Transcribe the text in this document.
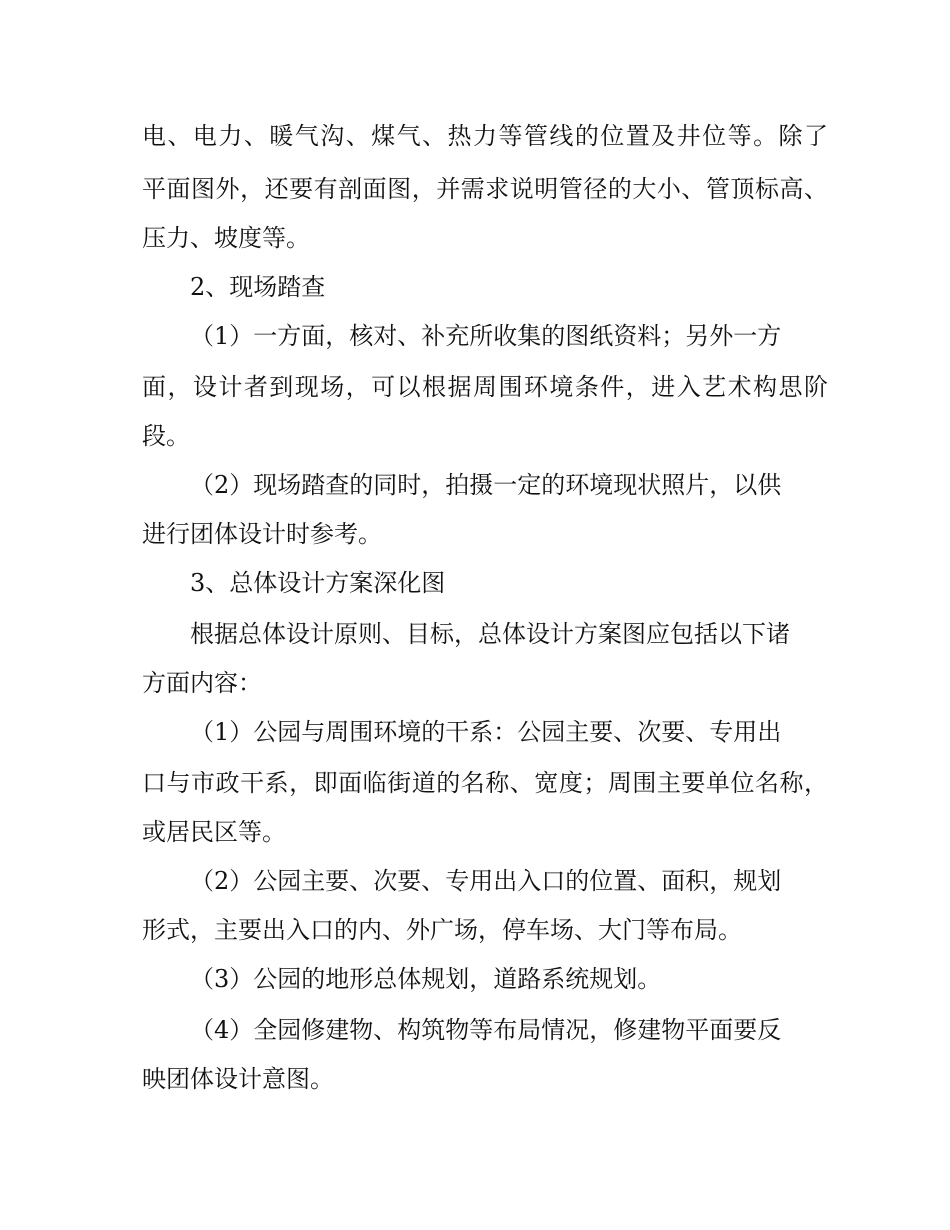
电、电力、暖气沟、煤气、热力等管线的位置及井位等。除了

平面图外，还要有剖面图，并需求说明管径的大小、管顶标高、

压力、坡度等。

2、现场踏查

（1）一方面，核对、补充所收集的图纸资料；另外一方

面，设计者到现场，可以根据周围环境条件，进入艺术构思阶

段。

（2）现场踏查的同时，拍摄一定的环境现状照片，以供

进行团体设计时参考。

3、总体设计方案深化图

根据总体设计原则、目标，总体设计方案图应包括以下诸

方面内容：

（1）公园与周围环境的干系：公园主要、次要、专用出

口与市政干系，即面临街道的名称、宽度；周围主要单位名称，

或居民区等。

（2）公园主要、次要、专用出入口的位置、面积，规划

形式，主要出入口的内、外广场，停车场、大门等布局。

（3）公园的地形总体规划，道路系统规划。

（4）全园修建物、构筑物等布局情况，修建物平面要反

映团体设计意图。
